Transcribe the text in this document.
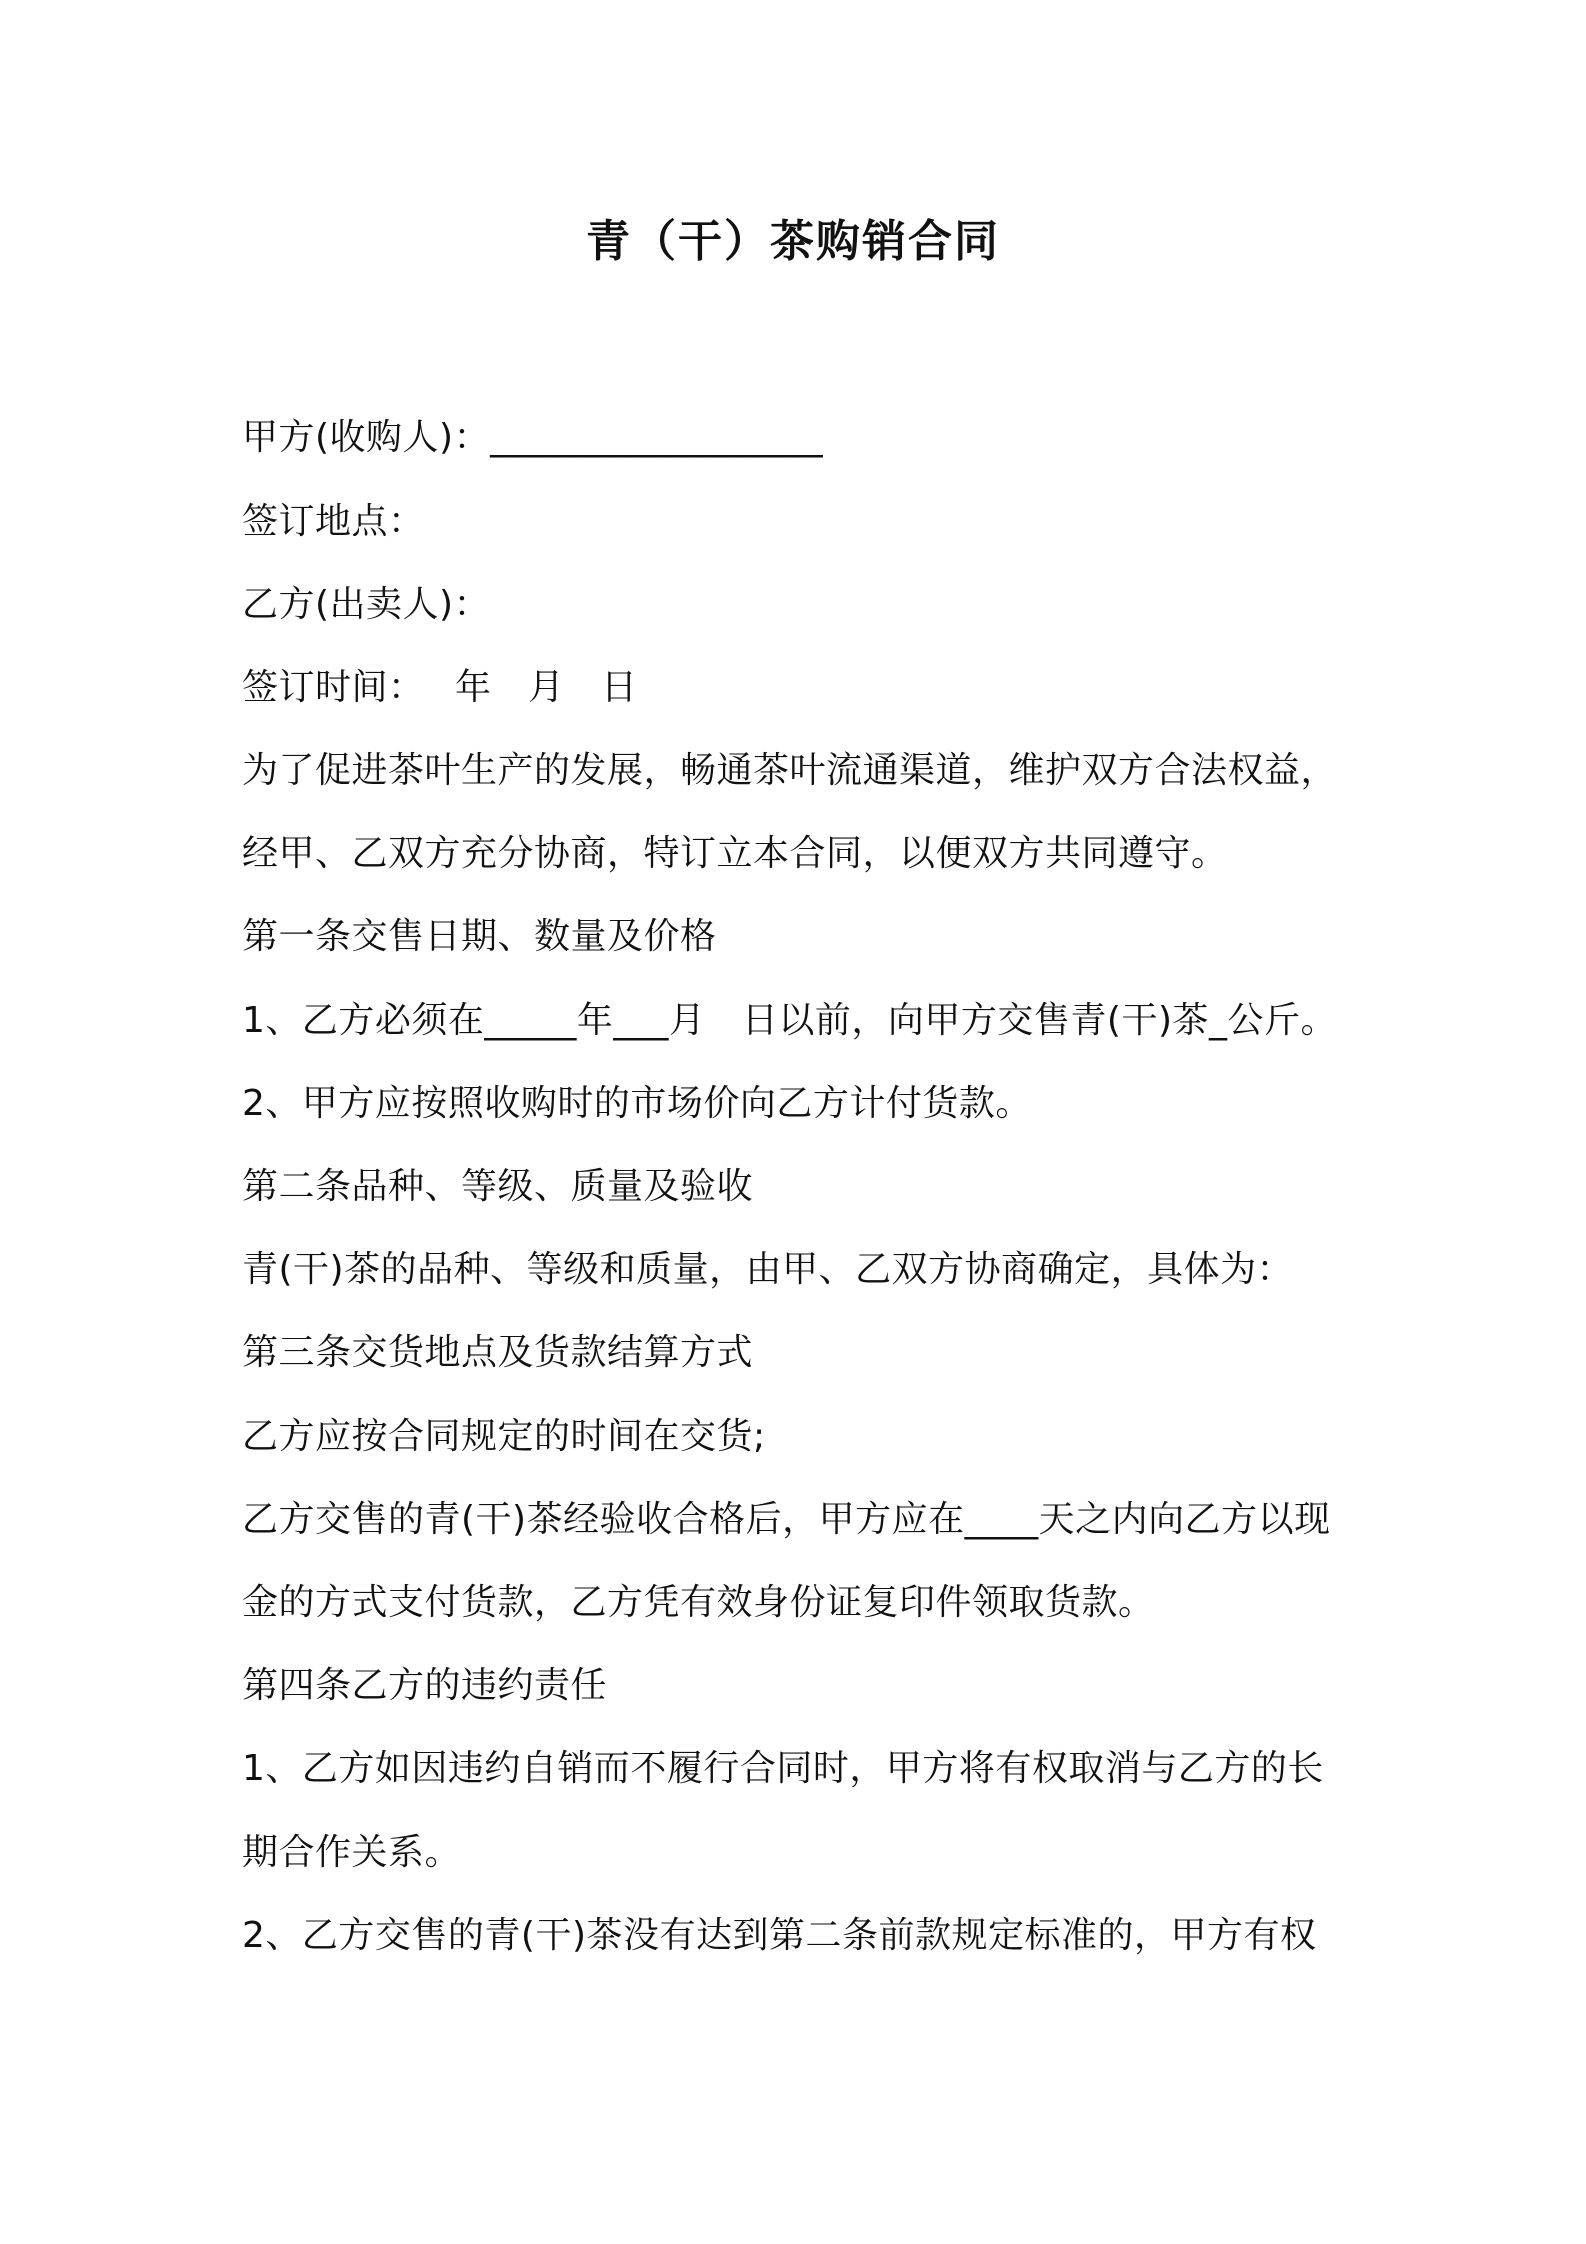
青（干）茶购销合同
甲方(收购人)：__________________
签订地点：
乙方(出卖人)：
签订时间：　 年　月　日
为了促进茶叶生产的发展，畅通茶叶流通渠道，维护双方合法权益，
经甲、乙双方充分协商，特订立本合同，以便双方共同遵守。
第一条交售日期、数量及价格
1、乙方必须在_____年___月　日以前，向甲方交售青(干)茶_公斤。
2、甲方应按照收购时的市场价向乙方计付货款。
第二条品种、等级、质量及验收
青(干)茶的品种、等级和质量，由甲、乙双方协商确定，具体为：
第三条交货地点及货款结算方式
乙方应按合同规定的时间在交货;
乙方交售的青(干)茶经验收合格后，甲方应在____天之内向乙方以现
金的方式支付货款，乙方凭有效身份证复印件领取货款。
第四条乙方的违约责任
1、乙方如因违约自销而不履行合同时，甲方将有权取消与乙方的长
期合作关系。
2、乙方交售的青(干)茶没有达到第二条前款规定标准的，甲方有权
